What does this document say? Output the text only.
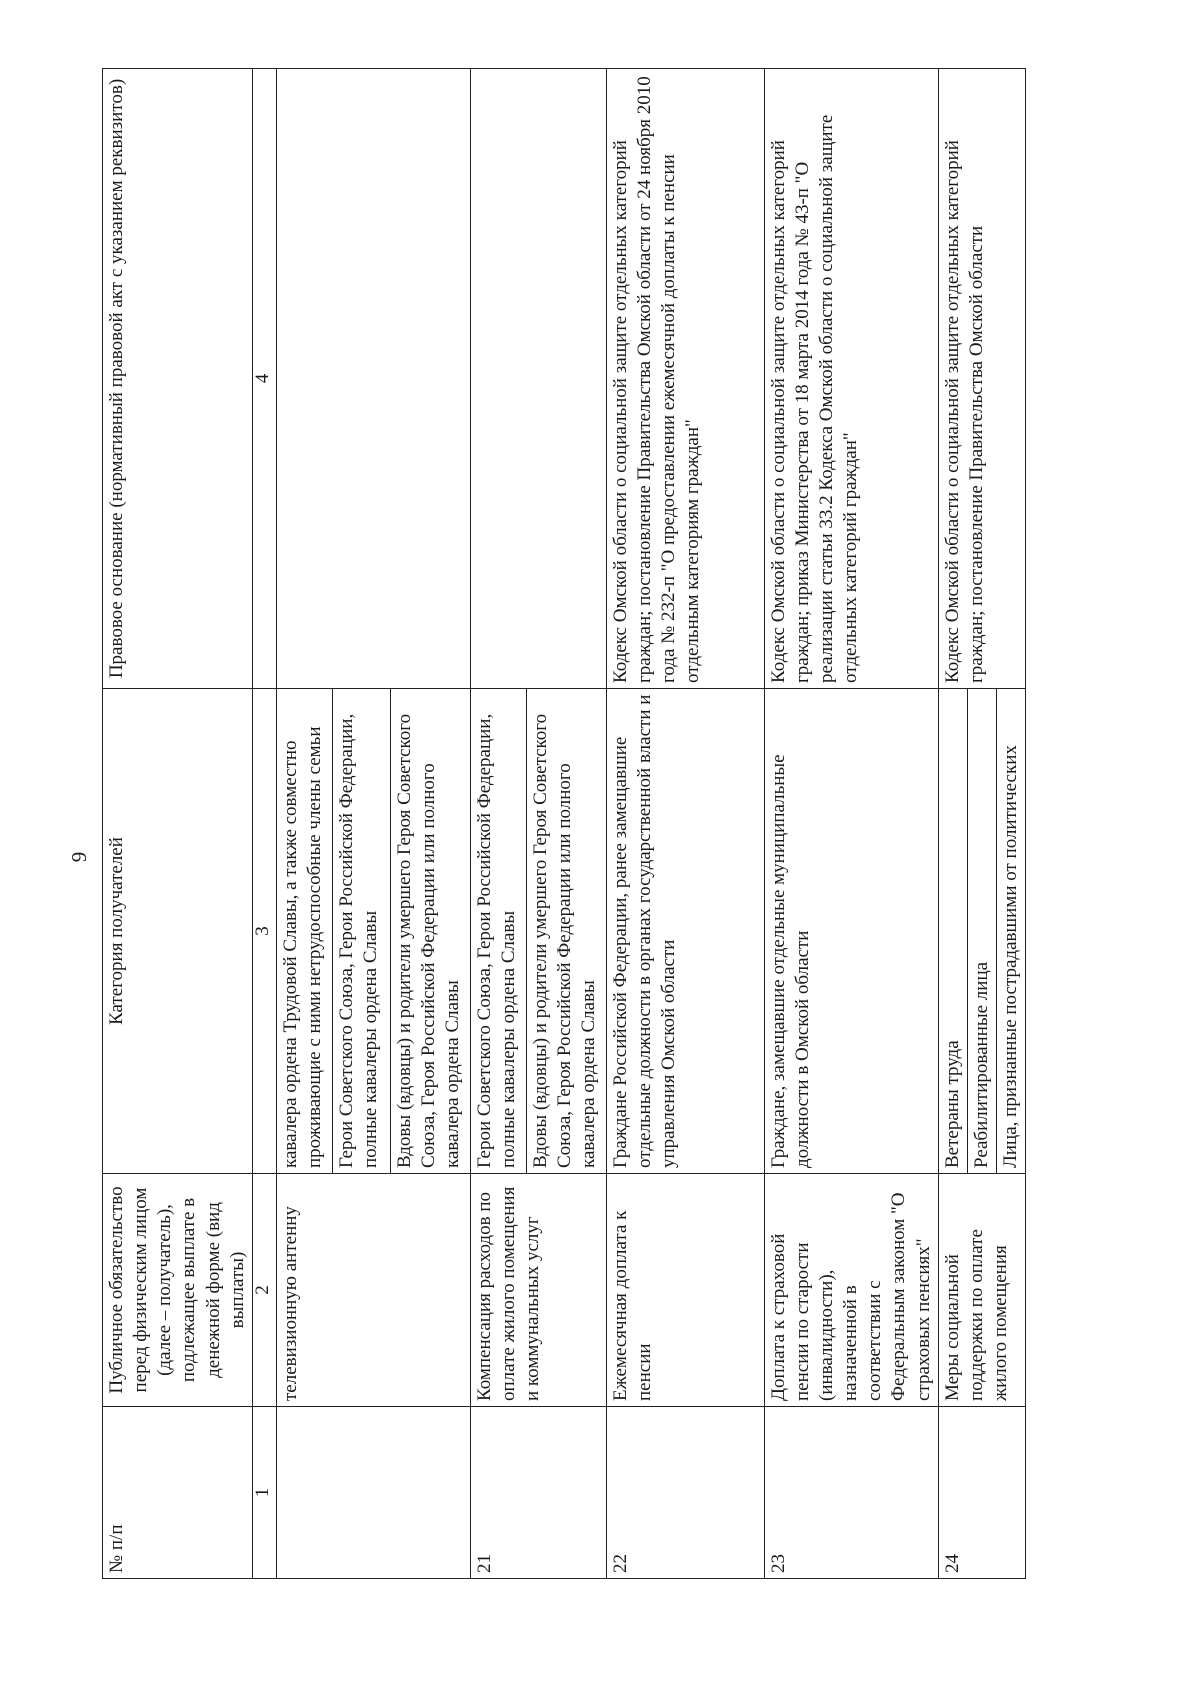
9
№ п/п	Публичное обязательство перед физическим лицом (далее – получатель), подлежащее выплате в денежной форме (вид выплаты)	Категория получателей	Правовое основание (нормативный правовой акт с указанием реквизитов)
1	2	3	4
	телевизионную антенну	кавалера ордена Трудовой Славы, а также совместно проживающие с ними нетрудоспособные члены семьи	
		Герои Советского Союза, Герои Российской Федерации, полные кавалеры ордена Славы	
		Вдовы (вдовцы) и родители умершего Героя Советского Союза, Героя Российской Федерации или полного кавалера ордена Славы	
21	Компенсация расходов по оплате жилого помещения и коммунальных услуг	Герои Советского Союза, Герои Российской Федерации, полные кавалеры ордена Славы	
		Вдовы (вдовцы) и родители умершего Героя Советского Союза, Героя Российской Федерации или полного кавалера ордена Славы	
22	Ежемесячная доплата к пенсии	Граждане Российской Федерации, ранее замещавшие отдельные должности в органах государственной власти и управления Омской области	Кодекс Омской области о социальной защите отдельных категорий граждан; постановление Правительства Омской области от 24 ноября 2010 года № 232-п "О предоставлении ежемесячной доплаты к пенсии отдельным категориям граждан"
23	Доплата к страховой пенсии по старости (инвалидности), назначенной в соответствии с Федеральным законом "О страховых пенсиях"	Граждане, замещавшие отдельные муниципальные должности в Омской области	Кодекс Омской области о социальной защите отдельных категорий граждан; приказ Министерства от 18 марта 2014 года № 43-п "О реализации статьи 33.2 Кодекса Омской области о социальной защите отдельных категорий граждан"
24	Меры социальной поддержки по оплате жилого помещения	Ветераны труда	Кодекс Омской области о социальной защите отдельных категорий граждан; постановление Правительства Омской области
		Реабилитированные лица	
		Лица, признанные пострадавшими от политических	
